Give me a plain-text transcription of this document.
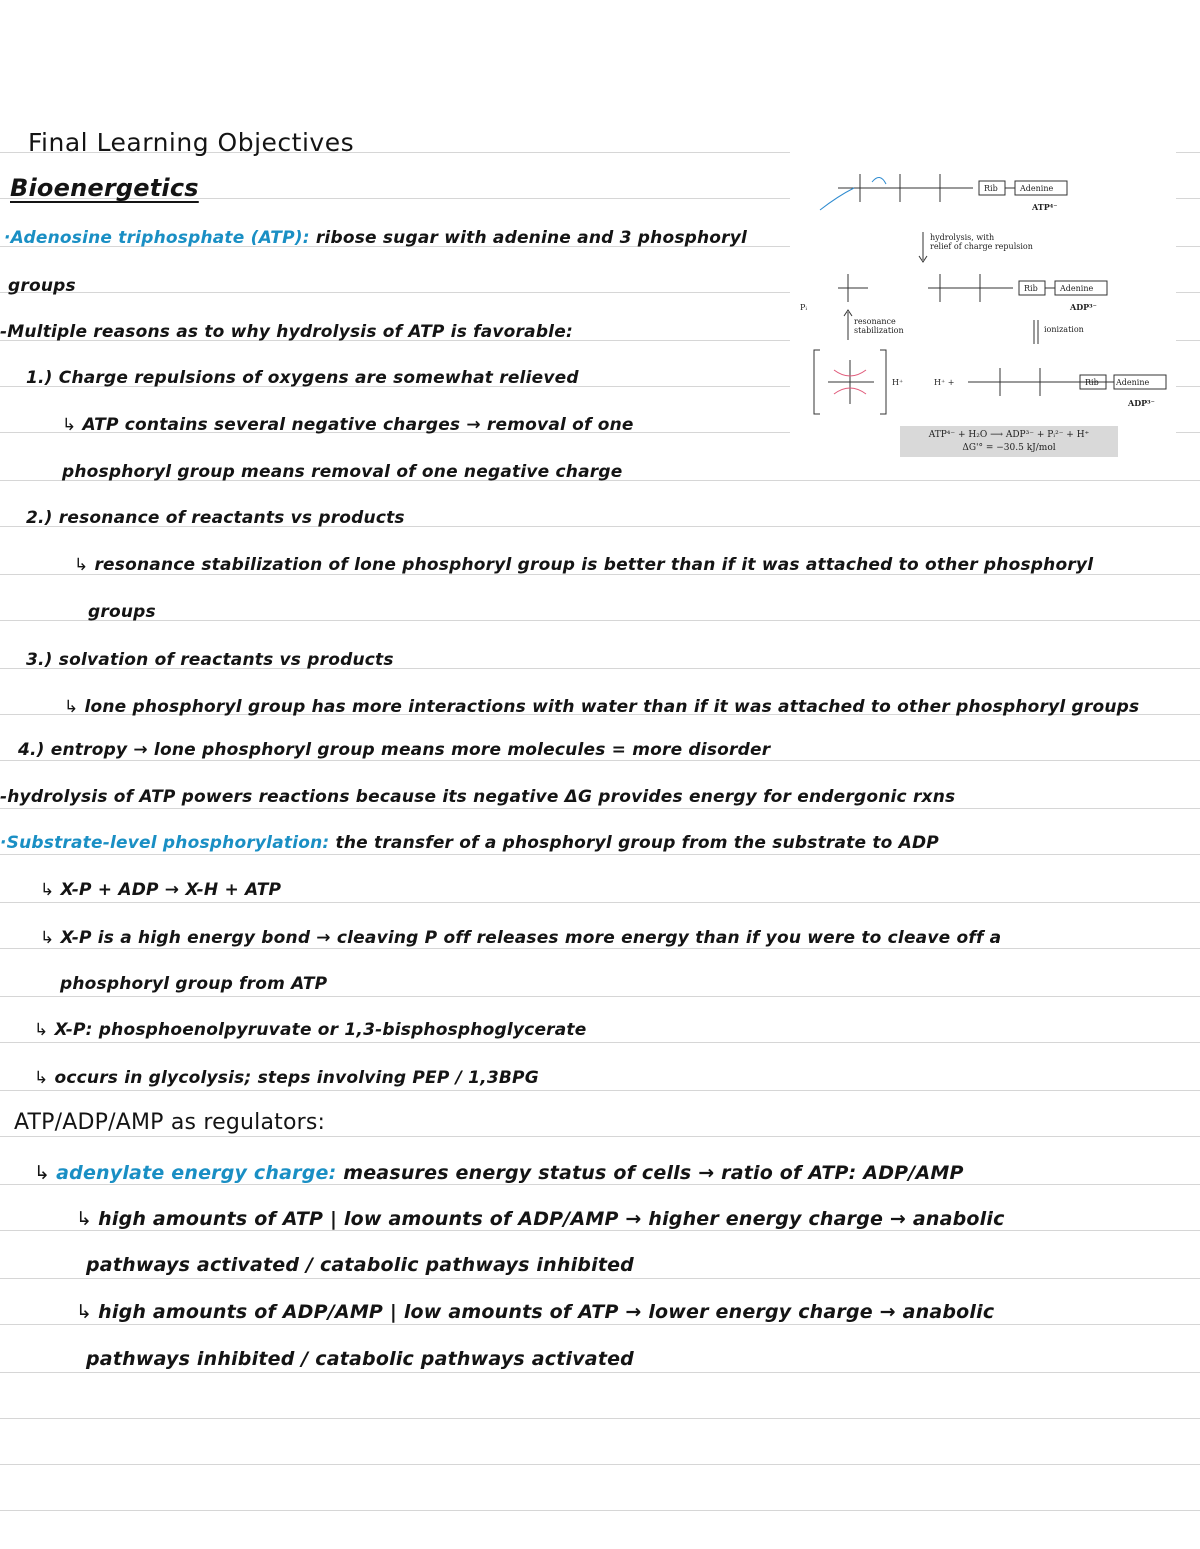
Final Learning Objectives
Bioenergetics
·Adenosine triphosphate (ATP): ribose sugar with adenine and 3 phosphoryl
groups
-Multiple reasons as to why hydrolysis of ATP is favorable:
1.) Charge repulsions of oxygens are somewhat relieved
↳ ATP contains several negative charges → removal of one
phosphoryl group means removal of one negative charge
2.) resonance of reactants vs products
↳ resonance stabilization of lone phosphoryl group is better than if it was attached to other phosphoryl
groups
3.) solvation of reactants vs products
↳ lone phosphoryl group has more interactions with water than if it was attached to other phosphoryl groups
4.) entropy → lone phosphoryl group means more molecules = more disorder
-hydrolysis of ATP powers reactions because its negative ΔG provides energy for endergonic rxns
·Substrate-level phosphorylation: the transfer of a phosphoryl group from the substrate to ADP
↳ X-P + ADP → X-H + ATP
↳ X-P is a high energy bond → cleaving P off releases more energy than if you were to cleave off a
phosphoryl group from ATP
↳ X-P: phosphoenolpyruvate or 1,3-bisphosphoglycerate
↳ occurs in glycolysis; steps involving PEP / 1,3BPG
ATP/ADP/AMP as regulators:
↳ adenylate energy charge: measures energy status of cells → ratio of ATP: ADP/AMP
↳ high amounts of ATP | low amounts of ADP/AMP → higher energy charge → anabolic
pathways activated / catabolic pathways inhibited
↳ high amounts of ADP/AMP | low amounts of ATP → lower energy charge → anabolic
pathways inhibited / catabolic pathways activated
Rib	Adenine
ATP⁴⁻
hydrolysis, with
relief of charge repulsion
Rib	Adenine
ADP³⁻
Pᵢ
resonance
stabilization	ionization
H⁺	H⁺ +	Rib Adenine
ADP³⁻
ATP⁴⁻ + H₂O ⟶ ADP³⁻ + Pᵢ²⁻ + H⁺
ΔG'° = −30.5 kJ/mol
